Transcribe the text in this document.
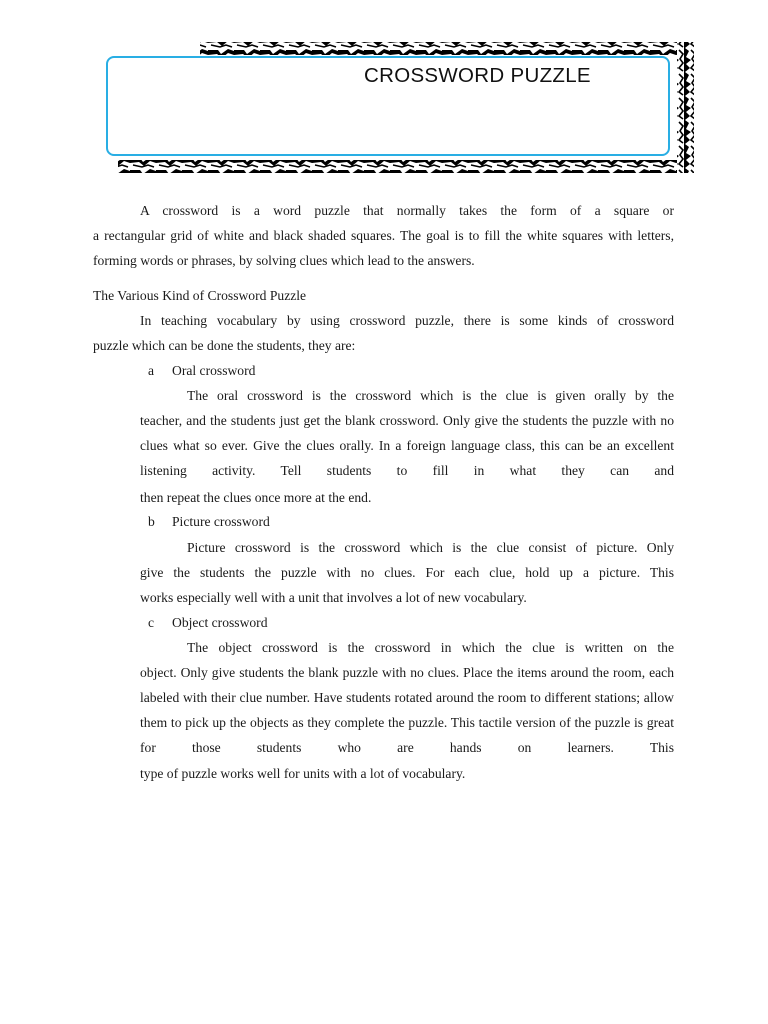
CROSSWORD PUZZLE

A crossword is a word puzzle that normally takes the form of a square or

a rectangular grid of white and black shaded squares. The goal is to fill the white squares with letters, forming words or phrases, by solving clues which lead to the answers.

The Various Kind of Crossword Puzzle

In teaching vocabulary by using crossword puzzle, there is some kinds of crossword

puzzle which can be done the students, they are:
a Oral crossword

The oral crossword is the crossword which is the clue is given orally by the

teacher, and the students just get the blank crossword. Only give the students the puzzle with no clues what so ever. Give the clues orally. In a foreign language class, this can be an excellent listening activity. Tell students to fill in what they can and

then repeat the clues once more at the end.
b Picture crossword

Picture crossword is the crossword which is the clue consist of picture. Only

give the students the puzzle with no clues. For each clue, hold up a picture. This

works especially well with a unit that involves a lot of new vocabulary.
c Object crossword

The object crossword is the crossword in which the clue is written on the

object. Only give students the blank puzzle with no clues. Place the items around the room, each labeled with their clue number. Have students rotated around the room to different stations; allow them to pick up the objects as they complete the puzzle. This tactile version of the puzzle is great for those students who are hands on learners. This

type of puzzle works well for units with a lot of vocabulary.
